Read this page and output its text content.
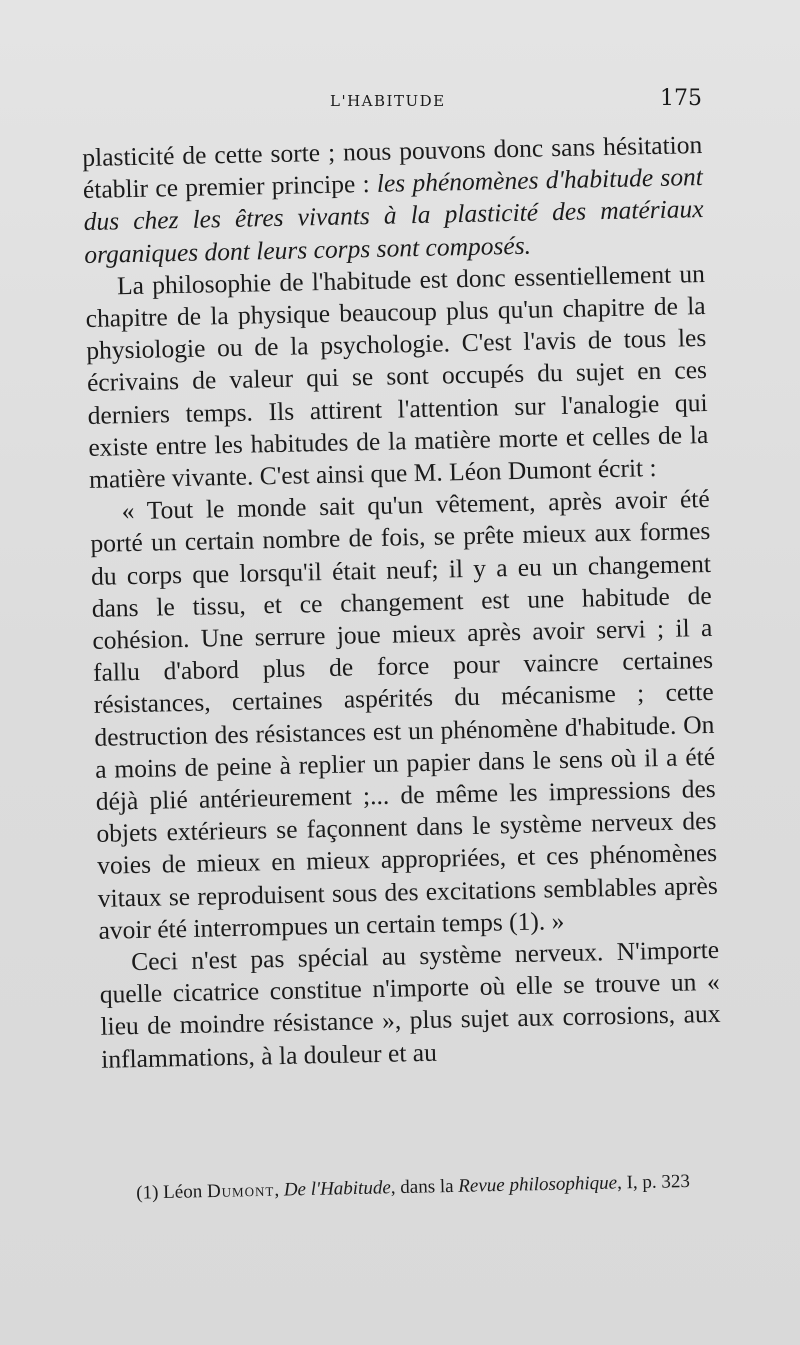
L'HABITUDE	175

plasticité de cette sorte ; nous pouvons donc sans hésitation établir ce premier principe : les phénomènes d'habitude sont dus chez les êtres vivants à la plasticité des matériaux organiques dont leurs corps sont composés.

La philosophie de l'habitude est donc essentiellement un chapitre de la physique beaucoup plus qu'un chapitre de la physiologie ou de la psychologie. C'est l'avis de tous les écrivains de valeur qui se sont occupés du sujet en ces derniers temps. Ils attirent l'attention sur l'analogie qui existe entre les habitudes de la matière morte et celles de la matière vivante. C'est ainsi que M. Léon Dumont écrit :

« Tout le monde sait qu'un vêtement, après avoir été porté un certain nombre de fois, se prête mieux aux formes du corps que lorsqu'il était neuf; il y a eu un changement dans le tissu, et ce changement est une habitude de cohésion. Une serrure joue mieux après avoir servi ; il a fallu d'abord plus de force pour vaincre certaines résistances, certaines aspérités du mécanisme ; cette destruction des résistances est un phénomène d'habitude. On a moins de peine à replier un papier dans le sens où il a été déjà plié antérieurement ;... de même les impressions des objets extérieurs se façonnent dans le système nerveux des voies de mieux en mieux appropriées, et ces phénomènes vitaux se reproduisent sous des excitations semblables après avoir été interrompues un certain temps (1). »

Ceci n'est pas spécial au système nerveux. N'importe quelle cicatrice constitue n'importe où elle se trouve un « lieu de moindre résistance », plus sujet aux corrosions, aux inflammations, à la douleur et au

(1) Léon Dumont, De l'Habitude, dans la Revue philosophique, I, p. 323
